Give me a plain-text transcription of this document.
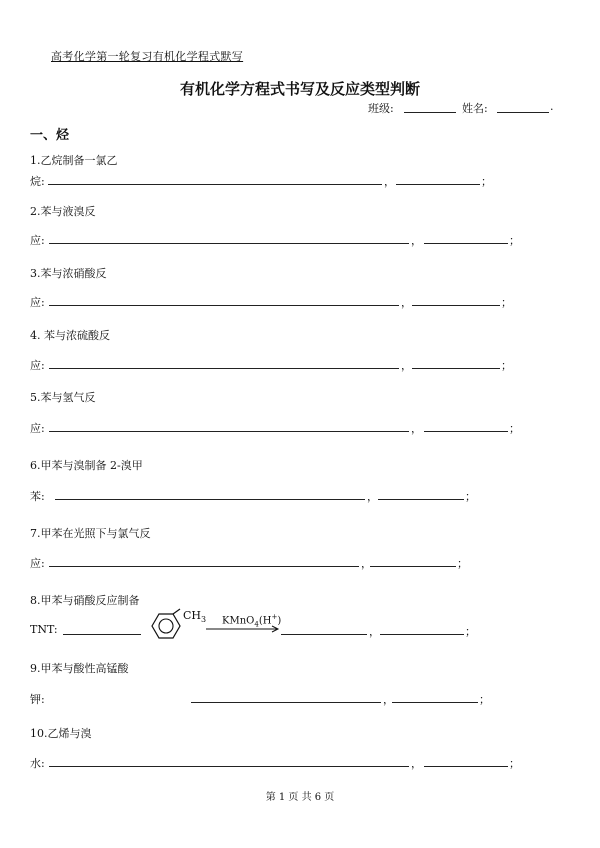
高考化学第一轮复习有机化学程式默写
有机化学方程式书写及反应类型判断
班级:	姓名:	.
一、烃
1.乙烷制备一氯乙
烷:	，	；
2.苯与液溴反
应:	，	；
3.苯与浓硝酸反
应:	，	；
4. 苯与浓硫酸反
应:	，	；
5.苯与氢气反
应:	，	；
6.甲苯与溴制备 2-溴甲
苯:	，	；
7.甲苯在光照下与氯气反
应:	，	；
8.甲苯与硝酸反应制备
TNT:
$CH_3$ KMnO$_4$(H+)
，	；
9.甲苯与酸性高锰酸
钾:	，	；
10.乙烯与溴
水:	，	；
第 1 页 共 6 页
